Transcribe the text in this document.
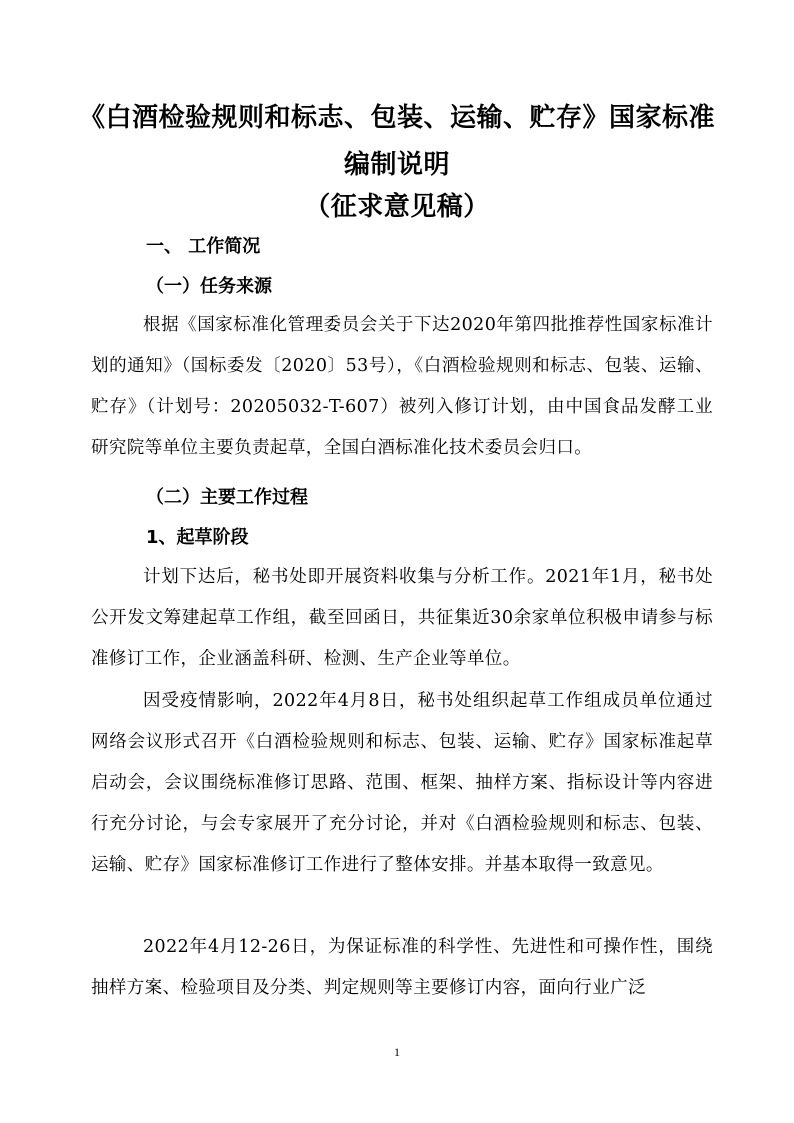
《白酒检验规则和标志、包装、运输、贮存》国家标准
编制说明
（征求意见稿）
一、 工作简况
（一）任务来源

根据《国家标准化管理委员会关于下达2020年第四批推荐性国家标准计划的通知》（国标委发〔2020〕53号），《白酒检验规则和标志、包装、运输、贮存》（计划号：20205032-T-607）被列入修订计划，由中国食品发酵工业研究院等单位主要负责起草，全国白酒标准化技术委员会归口。

（二）主要工作过程
1、起草阶段

计划下达后，秘书处即开展资料收集与分析工作。2021年1月，秘书处公开发文筹建起草工作组，截至回函日，共征集近30余家单位积极申请参与标准修订工作，企业涵盖科研、检测、生产企业等单位。

因受疫情影响，2022年4月8日，秘书处组织起草工作组成员单位通过网络会议形式召开《白酒检验规则和标志、包装、运输、贮存》国家标准起草启动会，会议围绕标准修订思路、范围、框架、抽样方案、指标设计等内容进行充分讨论，与会专家展开了充分讨论，并对《白酒检验规则和标志、包装、运输、贮存》国家标准修订工作进行了整体安排。并基本取得一致意见。

2022年4月12-26日，为保证标准的科学性、先进性和可操作性，围绕抽样方案、检验项目及分类、判定规则等主要修订内容，面向行业广泛

1
